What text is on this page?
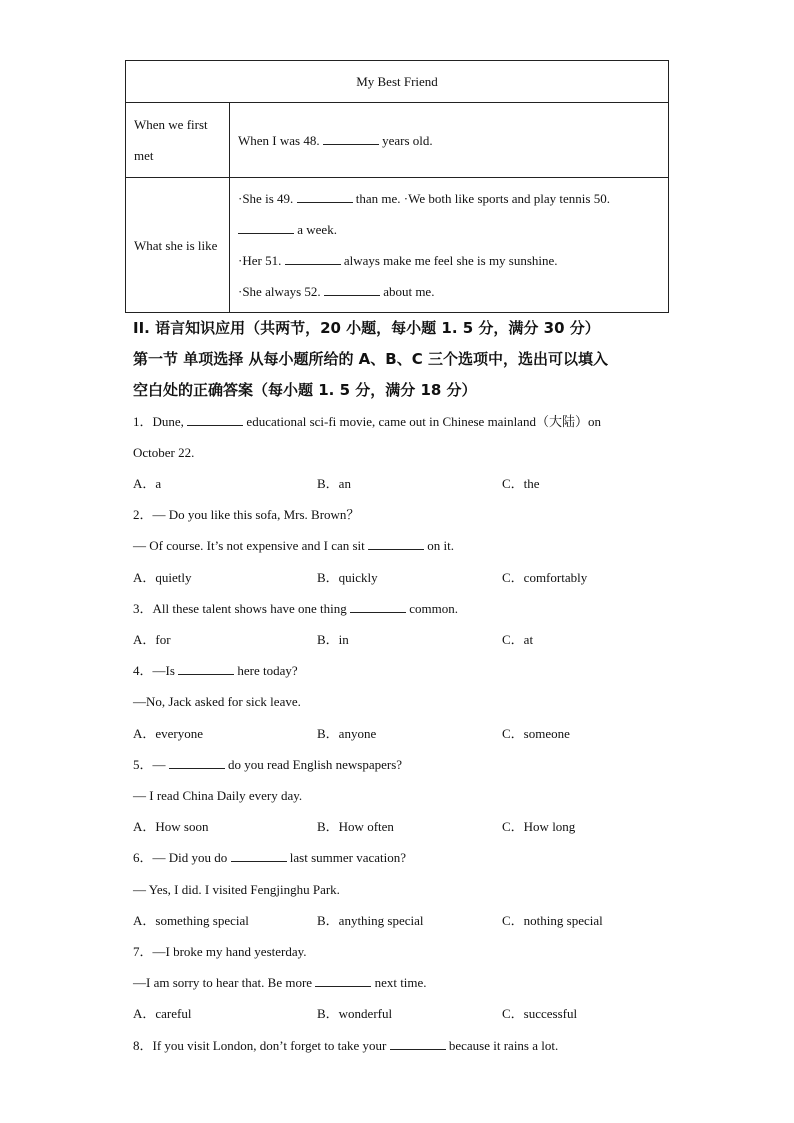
My Best Friend	
When we first met	When I was 48. years old.

What she is like	·She is 49. than me. ·We both like sports and play tennis 50.

a week.

·Her 51. always make me feel she is my sunshine.

·She always 52. about me.

II. 语言知识应用（共两节，20 小题，每小题 1. 5 分，满分 30 分）
第一节 单项选择 从每小题所给的 A、B、C 三个选项中，选出可以填入
空白处的正确答案（每小题 1. 5 分，满分 18 分）
1．Dune,	educational sci-fi movie, came out in Chinese mainland（大陆）on
October 22.
A．a	B．an	C．the
2．— Do you like this sofa, Mrs. Brown？
— Of course. It’s not expensive and I can sit	on it.
A．quietly	B．quickly	C．comfortably
3．All these talent shows have one thing	common.
A．for	B．in	C．at
4．—Is	here today?
—No, Jack asked for sick leave.
A．everyone	B．anyone	C．someone
5．—	do you read English newspapers?
— I read China Daily every day.
A．How soon	B．How often	C．How long
6．— Did you do	last summer vacation?
— Yes, I did. I visited Fengjinghu Park.
A．something special	B．anything special	C．nothing special
7．—I broke my hand yesterday.
—I am sorry to hear that. Be more	next time.
A．careful	B．wonderful	C．successful
8．If you visit London, don’t forget to take your	because it rains a lot.
